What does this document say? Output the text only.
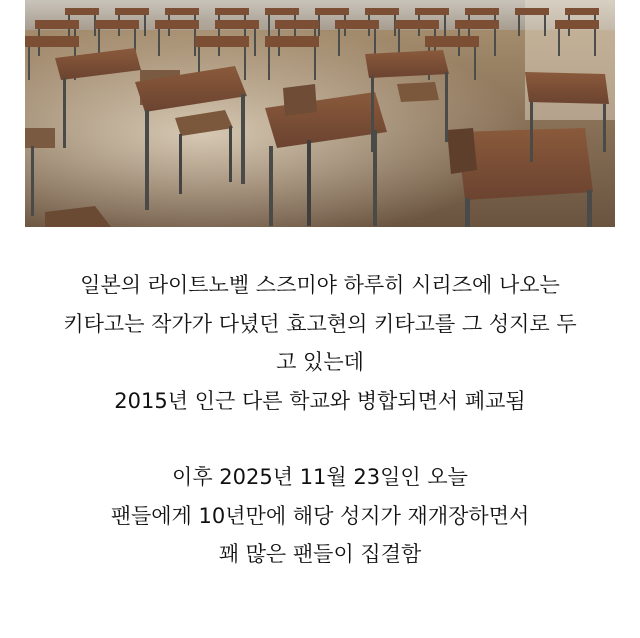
일본의 라이트노벨 스즈미야 하루히 시리즈에 나오는
키타고는 작가가 다녔던 효고현의 키타고를 그 성지로 두
고 있는데
2015년 인근 다른 학교와 병합되면서 폐교됨
이후 2025년 11월 23일인 오늘
팬들에게 10년만에 해당 성지가 재개장하면서
꽤 많은 팬들이 집결함
